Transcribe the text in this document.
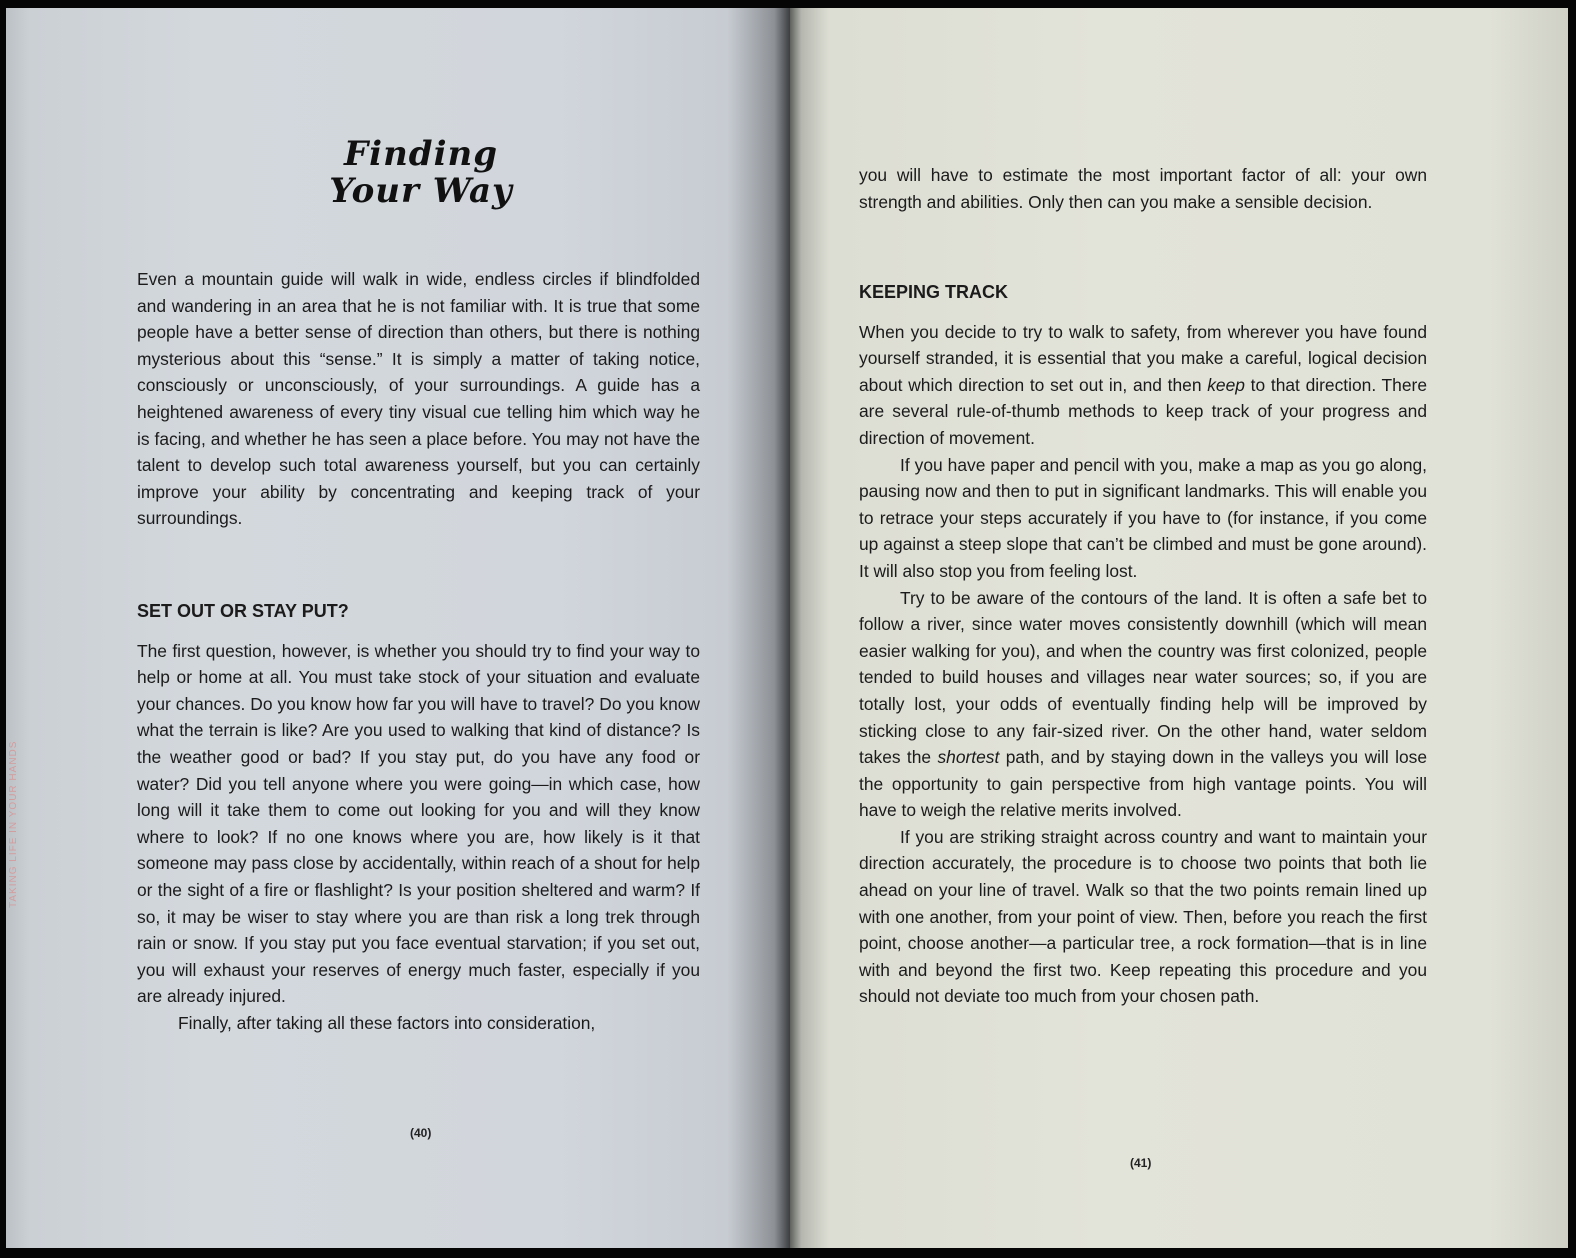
TAKING LIFE IN YOUR HANDS
Finding
Your Way

Even a mountain guide will walk in wide, endless circles if blindfolded and wandering in an area that he is not familiar with. It is true that some people have a better sense of direction than others, but there is nothing mysterious about this “sense.” It is simply a matter of taking notice, consciously or unconsciously, of your surroundings. A guide has a heightened awareness of every tiny visual cue telling him which way he is facing, and whether he has seen a place before. You may not have the talent to develop such total awareness yourself, but you can certainly improve your ability by concentrating and keeping track of your surroundings.

SET OUT OR STAY PUT?

The first question, however, is whether you should try to find your way to help or home at all. You must take stock of your situation and evaluate your chances. Do you know how far you will have to travel? Do you know what the terrain is like? Are you used to walking that kind of distance? Is the weather good or bad? If you stay put, do you have any food or water? Did you tell anyone where you were going—in which case, how long will it take them to come out looking for you and will they know where to look? If no one knows where you are, how likely is it that someone may pass close by accidentally, within reach of a shout for help or the sight of a fire or flashlight? Is your position sheltered and warm? If so, it may be wiser to stay where you are than risk a long trek through rain or snow. If you stay put you face eventual starvation; if you set out, you will exhaust your reserves of energy much faster, especially if you are already injured.

Finally, after taking all these factors into consideration,

(40)

you will have to estimate the most important factor of all: your own strength and abilities. Only then can you make a sensible decision.

KEEPING TRACK

When you decide to try to walk to safety, from wherever you have found yourself stranded, it is essential that you make a careful, logical decision about which direction to set out in, and then keep to that direction. There are several rule-of-thumb methods to keep track of your progress and direction of movement.

If you have paper and pencil with you, make a map as you go along, pausing now and then to put in significant landmarks. This will enable you to retrace your steps accurately if you have to (for instance, if you come up against a steep slope that can’t be climbed and must be gone around). It will also stop you from feeling lost.

Try to be aware of the contours of the land. It is often a safe bet to follow a river, since water moves consistently downhill (which will mean easier walking for you), and when the country was first colonized, people tended to build houses and villages near water sources; so, if you are totally lost, your odds of eventually finding help will be improved by sticking close to any fair-sized river. On the other hand, water seldom takes the shortest path, and by staying down in the valleys you will lose the opportunity to gain perspective from high vantage points. You will have to weigh the relative merits involved.

If you are striking straight across country and want to maintain your direction accurately, the procedure is to choose two points that both lie ahead on your line of travel. Walk so that the two points remain lined up with one another, from your point of view. Then, before you reach the first point, choose another—a particular tree, a rock formation—that is in line with and beyond the first two. Keep repeating this procedure and you should not deviate too much from your chosen path.

(41)
